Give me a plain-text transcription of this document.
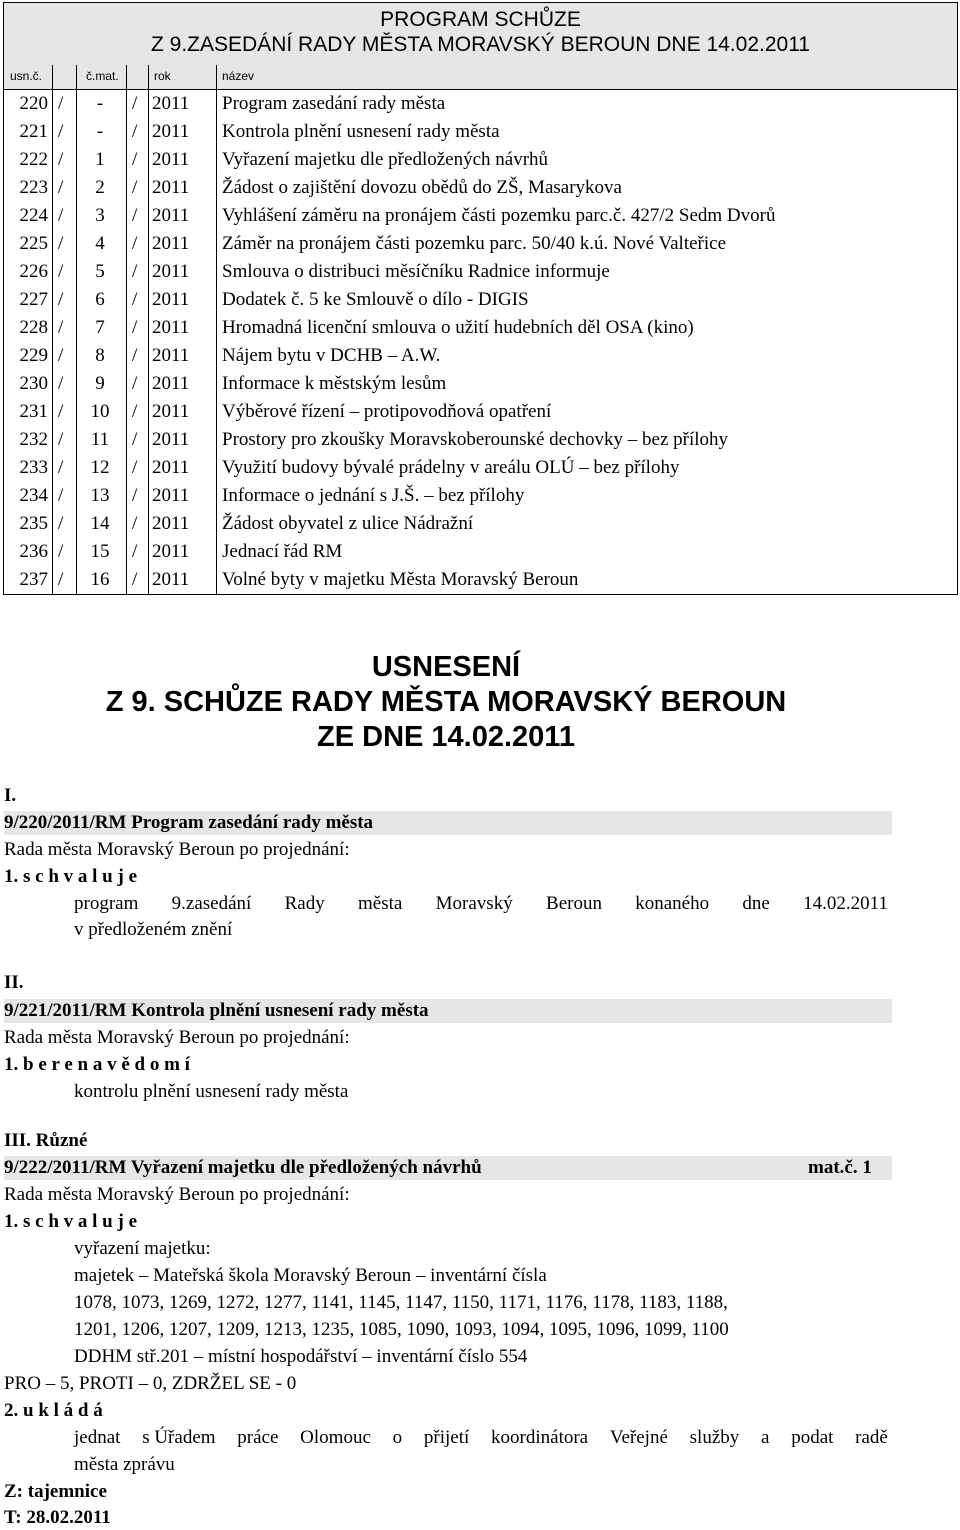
PROGRAM SCHŮZE
Z 9.ZASEDÁNÍ RADY MĚSTA MORAVSKÝ BEROUN DNE 14.02.2011
usn.č.	č.mat.	rok	název
220 /	-	/ 2011 Program zasedání rady města
221 /	-	/ 2011 Kontrola plnění usnesení rady města
222 /	1	/ 2011 Vyřazení majetku dle předložených návrhů
223 /	2	/ 2011 Žádost o zajištění dovozu obědů do ZŠ, Masarykova
224 /	3	/ 2011 Vyhlášení záměru na pronájem části pozemku parc.č. 427/2 Sedm Dvorů
225 /	4	/ 2011 Záměr na pronájem části pozemku parc. 50/40 k.ú. Nové Valteřice
226 /	5	/ 2011 Smlouva o distribuci měsíčníku Radnice informuje
227 /	6	/ 2011 Dodatek č. 5 ke Smlouvě o dílo - DIGIS
228 /	7	/ 2011 Hromadná licenční smlouva o užití hudebních děl OSA (kino)
229 /	8	/ 2011 Nájem bytu v DCHB – A.W.
230 /	9	/ 2011 Informace k městským lesům
231 /	10	/ 2011 Výběrové řízení – protipovodňová opatření
232 /	11	/ 2011 Prostory pro zkoušky Moravskoberounské dechovky – bez přílohy
233 /	12	/ 2011 Využití budovy bývalé prádelny v areálu OLÚ – bez přílohy
234 /	13	/ 2011 Informace o jednání s J.Š. – bez přílohy
235 /	14	/ 2011 Žádost obyvatel z ulice Nádražní
236 /	15	/ 2011 Jednací řád RM
237 /	16	/ 2011 Volné byty v majetku Města Moravský Beroun
USNESENÍ
Z 9. SCHŮZE RADY MĚSTA MORAVSKÝ BEROUN
ZE DNE 14.02.2011
I.
9/220/2011/RM Program zasedání rady města
Rada města Moravský Beroun po projednání:
1. s c h v a l u j e
program 9.zasedání Rady města Moravský Beroun konaného dne 14.02.2011
v předloženém znění
II.
9/221/2011/RM Kontrola plnění usnesení rady města
Rada města Moravský Beroun po projednání:
1. b e r e n a v ě d o m í
kontrolu plnění usnesení rady města
III. Různé
9/222/2011/RM Vyřazení majetku dle předložených návrhů	mat.č. 1
Rada města Moravský Beroun po projednání:
1. s c h v a l u j e
vyřazení majetku:
majetek – Mateřská škola Moravský Beroun – inventární čísla
1078, 1073, 1269, 1272, 1277, 1141, 1145, 1147, 1150, 1171, 1176, 1178, 1183, 1188,
1201, 1206, 1207, 1209, 1213, 1235, 1085, 1090, 1093, 1094, 1095, 1096, 1099, 1100
DDHM stř.201 – místní hospodářství – inventární číslo 554
PRO – 5, PROTI – 0, ZDRŽEL SE - 0
2. u k l á d á
jednat s Úřadem práce Olomouc o přijetí koordinátora Veřejné služby a podat radě
města zprávu
Z: tajemnice
T: 28.02.2011
